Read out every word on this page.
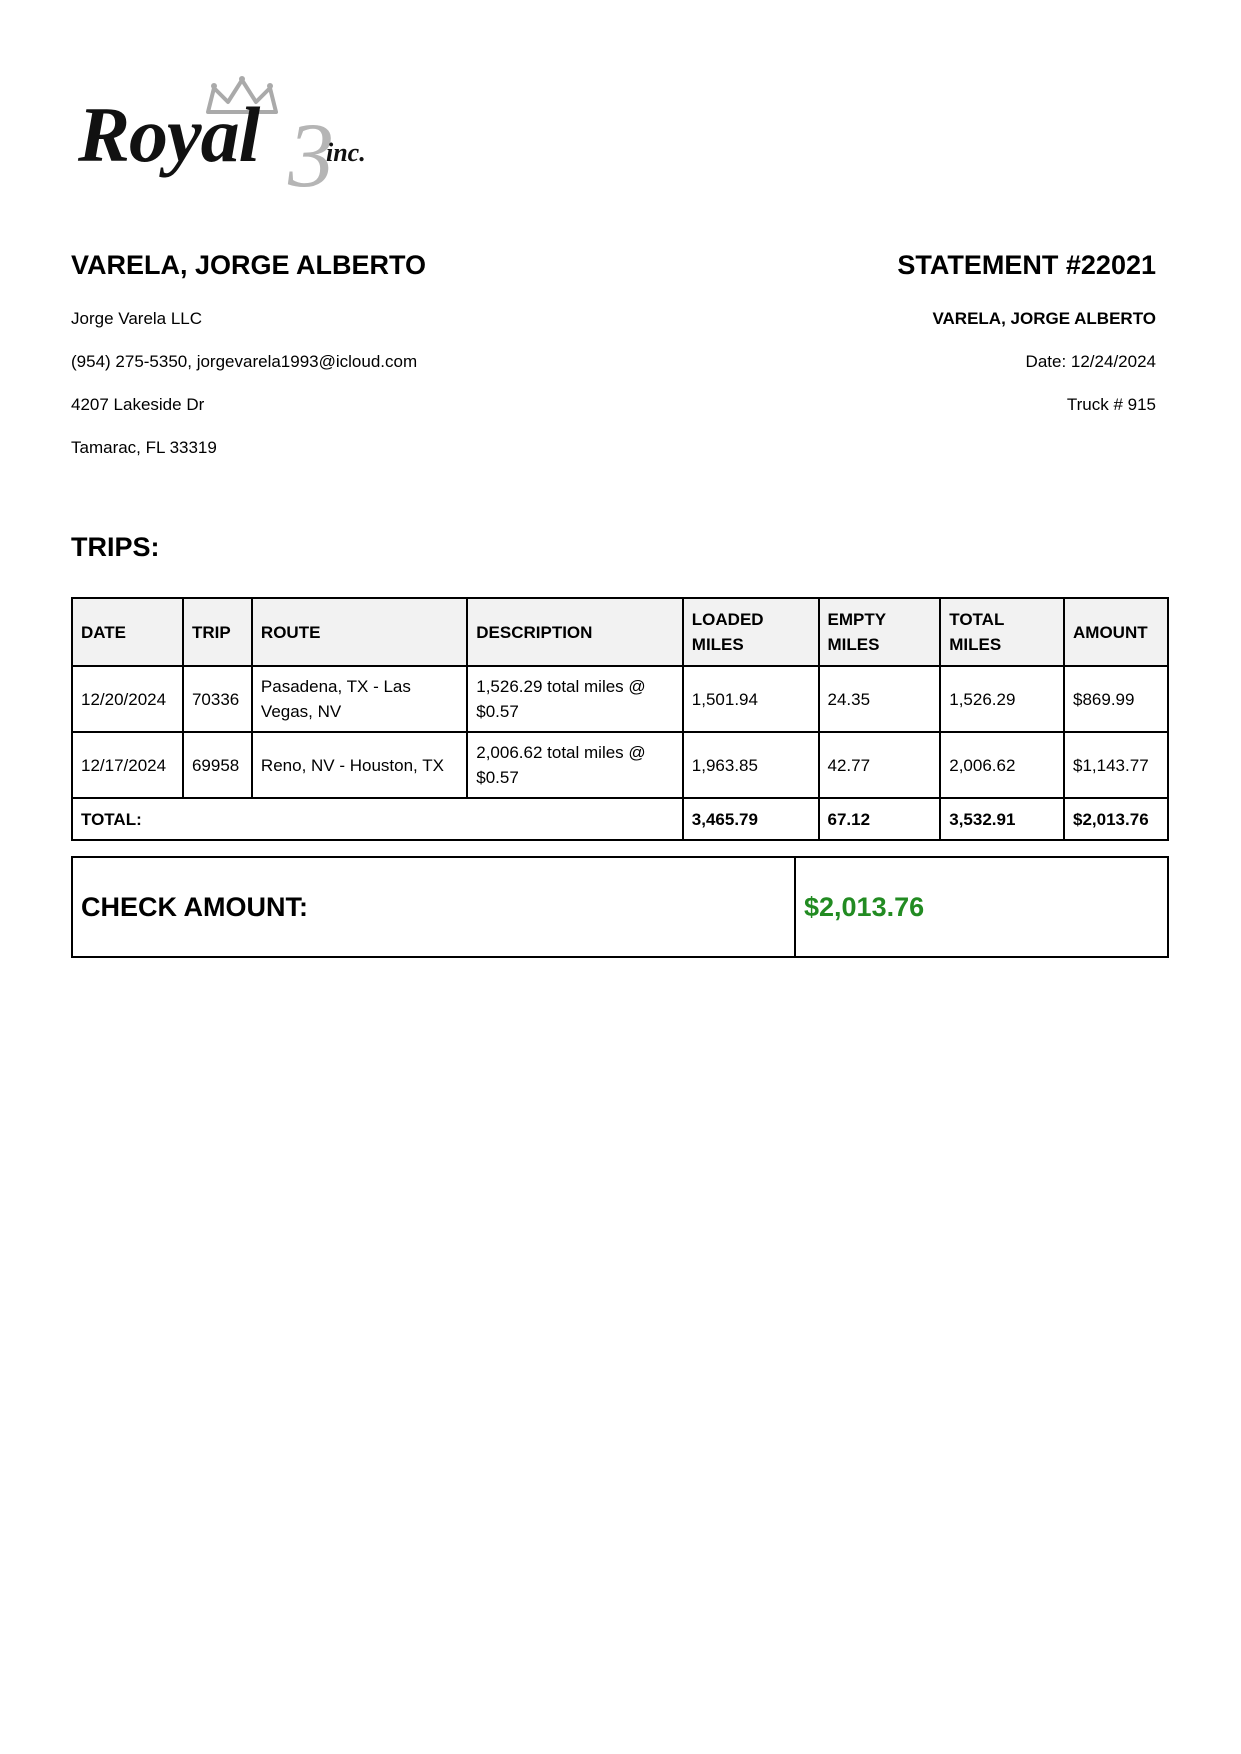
Royal 3
inc.
VARELA, JORGE ALBERTO
Jorge Varela LLC
(954) 275-5350, jorgevarela1993@icloud.com
4207 Lakeside Dr
Tamarac, FL 33319
STATEMENT #22021
VARELA, JORGE ALBERTO
Date: 12/24/2024
Truck # 915
TRIPS:
DATE	TRIP	ROUTE	DESCRIPTION	LOADED MILES	EMPTY MILES	TOTAL MILES	AMOUNT
12/20/2024	70336	Pasadena, TX - Las Vegas, NV	1,526.29 total miles @ $0.57	1,501.94	24.35	1,526.29	$869.99
12/17/2024	69958	Reno, NV - Houston, TX	2,006.62 total miles @ $0.57	1,963.85	42.77	2,006.62	$1,143.77
TOTAL:				3,465.79	67.12	3,532.91	$2,013.76
CHECK AMOUNT:	$2,013.76
